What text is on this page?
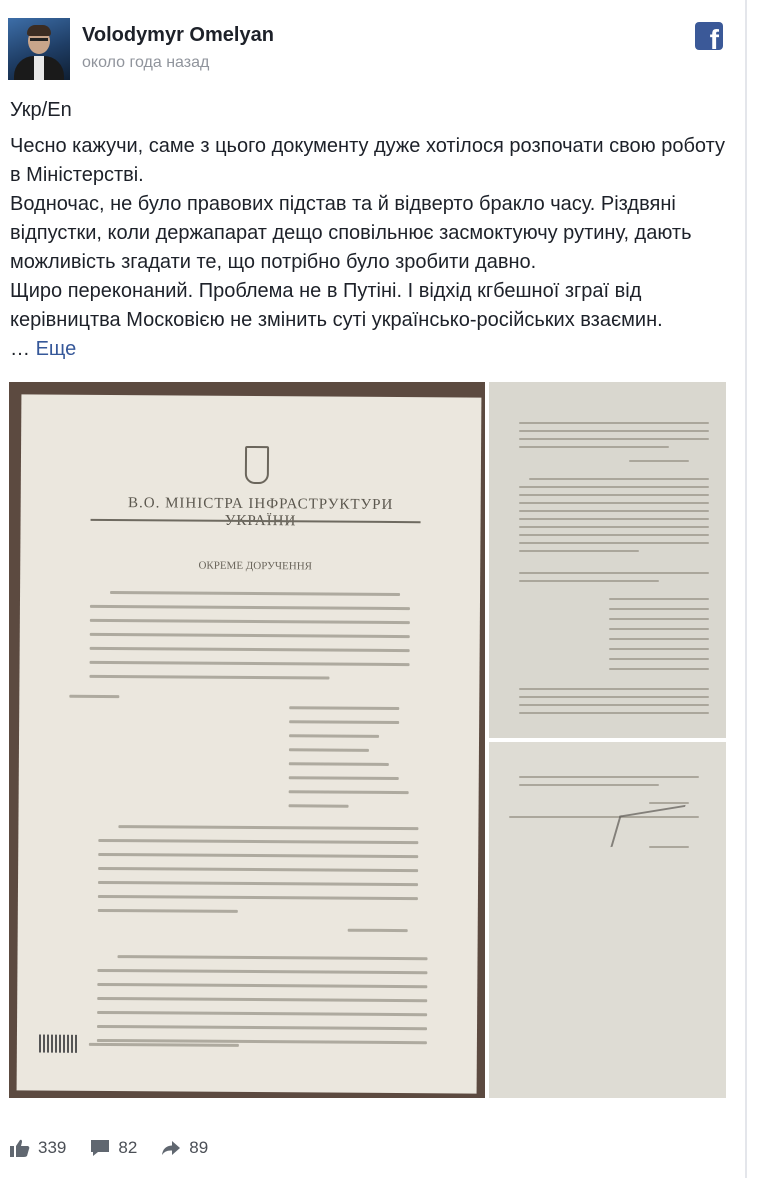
Volodymyr Omelyan
около года назад
f

Укр/En

Чесно кажучи, саме з цього документу дуже хотілося розпочати свою роботу в Міністерстві.

Водночас, не було правових підстав та й відверто бракло часу. Різдвяні відпустки, коли держапарат дещо сповільнює засмоктуючу рутину, дають можливість згадати те, що потрібно було зробити давно.

Щиро переконаний. Проблема не в Путіні. І відхід кгбешної зграї від керівництва Московією не змінить суті українсько-російських взаємин.

… Еще

В.О. МІНІСТРА ІНФРАСТРУКТУРИ
ОКРЕМЕ ДОРУЧЕННЯ
339	82	89
